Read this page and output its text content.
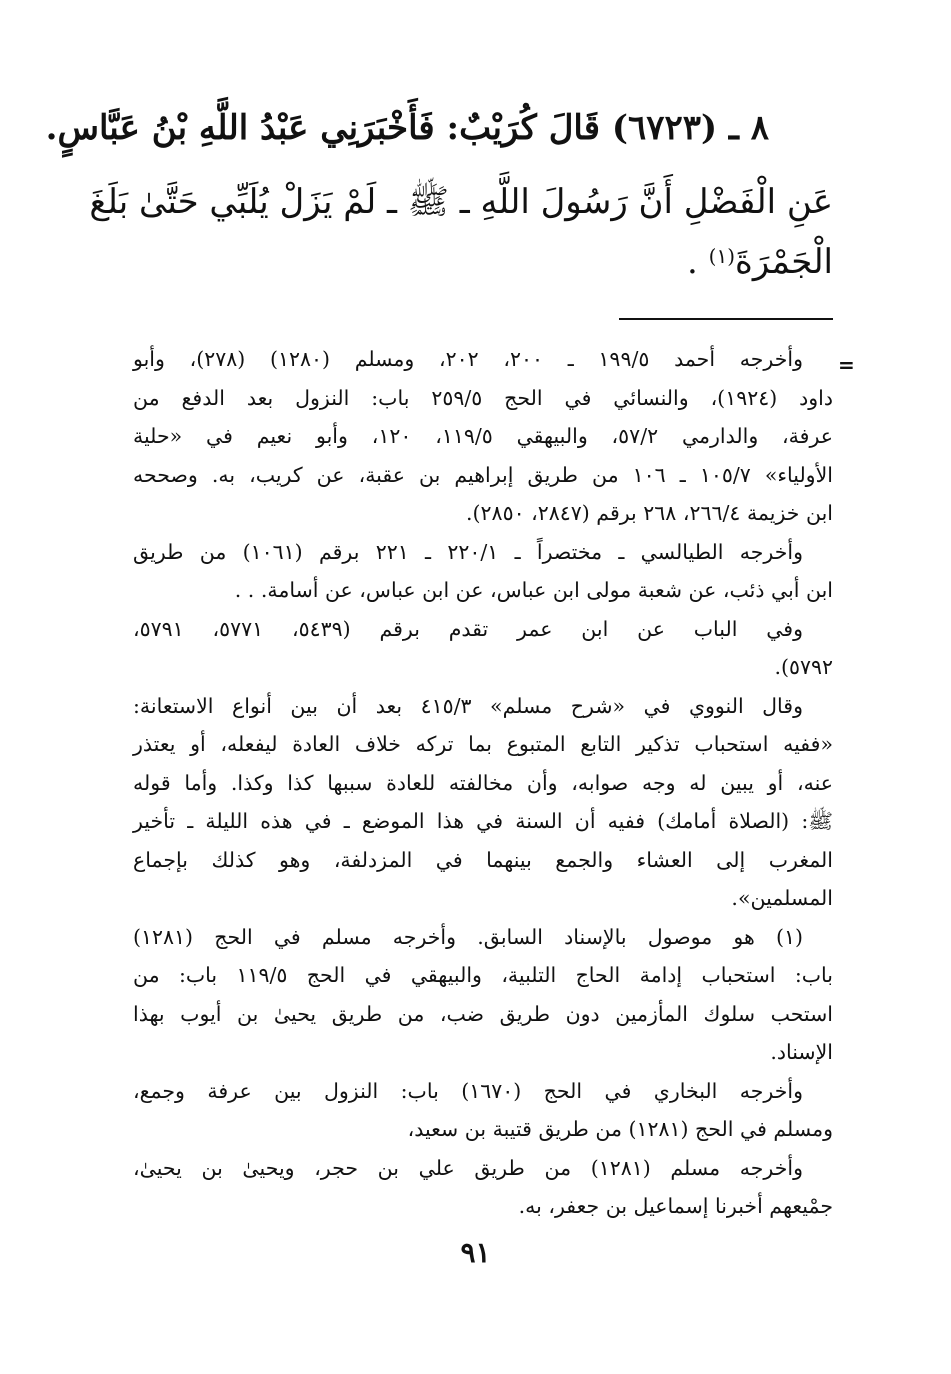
٨ ـ (٦٧٢٣) قَالَ كُرَيْبٌ: فَأَخْبَرَنِي عَبْدُ اللَّهِ بْنُ عَبَّاسٍ.
عَنِ الْفَضْلِ أَنَّ رَسُولَ اللَّهِ ـ ﷺ ـ لَمْ يَزَلْ يُلَبِّي حَتَّىٰ بَلَغَ
الْجَمْرَةَ$^{(١)}$ .
=
وأخرجه أحمد ١٩٩/٥ ـ ٢٠٠، ٢٠٢، ومسلم (١٢٨٠) (٢٧٨)، وأبو
داود (١٩٢٤)، والنسائي في الحج ٢٥٩/٥ باب: النزول بعد الدفع من
عرفة، والدارمي ٥٧/٢، والبيهقي ١١٩/٥، ١٢٠، وأبو نعيم في «حلية
الأولياء» ١٠٥/٧ ـ ١٠٦ من طريق إبراهيم بن عقبة، عن كريب، به. وصححه
ابن خزيمة ٢٦٦/٤، ٢٦٨ برقم (٢٨٤٧، ٢٨٥٠).
وأخرجه الطيالسي ـ مختصراً ـ ٢٢٠/١ ـ ٢٢١ برقم (١٠٦١) من طريق
ابن أبي ذئب، عن شعبة مولى ابن عباس، عن ابن عباس، عن أسامة. . .
وفي الباب عن ابن عمر تقدم برقم (٥٤٣٩، ٥٧٧١، ٥٧٩١،
٥٧٩٢).
وقال النووي في «شرح مسلم» ٤١٥/٣ بعد أن بين أنواع الاستعانة:
«ففيه استحباب تذكير التابع المتبوع بما تركه خلاف العادة ليفعله، أو يعتذر
عنه، أو يبين له وجه صوابه، وأن مخالفته للعادة سببها كذا وكذا. وأما قوله
ﷺ: (الصلاة أمامك) ففيه أن السنة في هذا الموضع ـ في هذه الليلة ـ تأخير
المغرب إلى العشاء والجمع بينهما في المزدلفة، وهو كذلك بإجماع
المسلمين».
(١) هو موصول بالإسناد السابق. وأخرجه مسلم في الحج (١٢٨١)
باب: استحباب إدامة الحاج التلبية، والبيهقي في الحج ١١٩/٥ باب: من
استحب سلوك المأزمين دون طريق ضب، من طريق يحيىٰ بن أيوب بهذا
الإسناد.
وأخرجه البخاري في الحج (١٦٧٠) باب: النزول بين عرفة وجمع،
ومسلم في الحج (١٢٨١) من طريق قتيبة بن سعيد،
وأخرجه مسلم (١٢٨١) من طريق علي بن حجر، ويحيىٰ بن يحيىٰ،
جمْيعهم أخبرنا إسماعيل بن جعفر، به.
٩١
